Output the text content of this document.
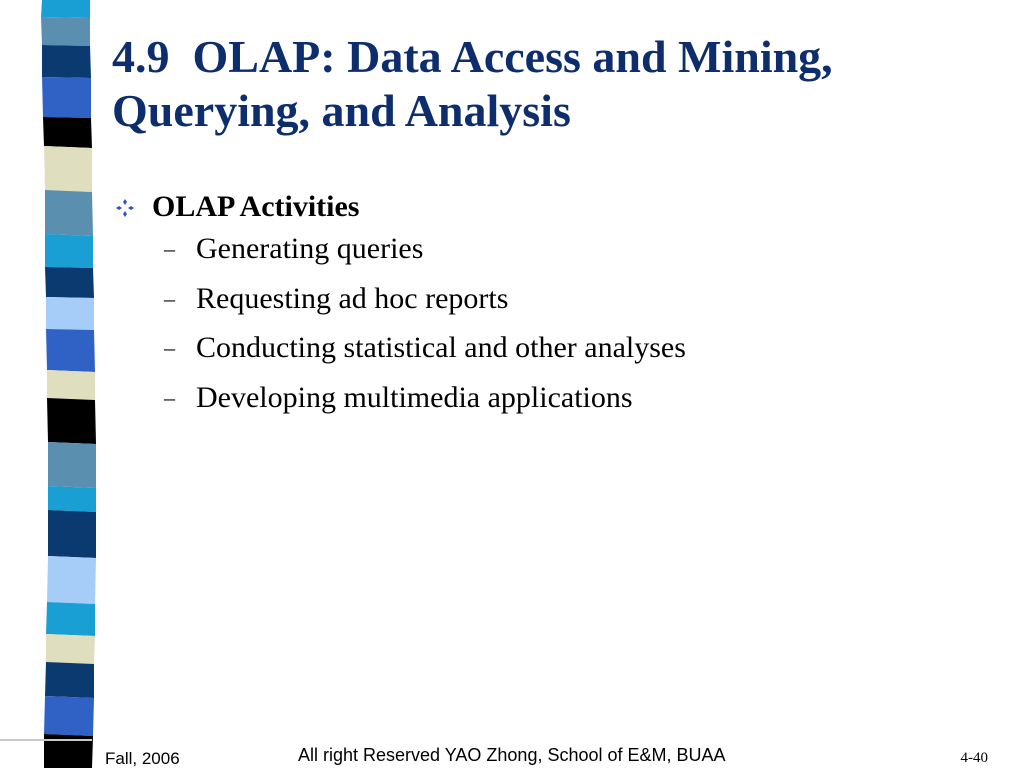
4.9  OLAP: Data Access and Mining,
Querying, and Analysis
OLAP Activities
– Generating queries
– Requesting ad hoc reports
– Conducting statistical and other analyses
– Developing multimedia applications
Fall, 2006	All right Reserved YAO Zhong, School of E&M, BUAA	4-40
